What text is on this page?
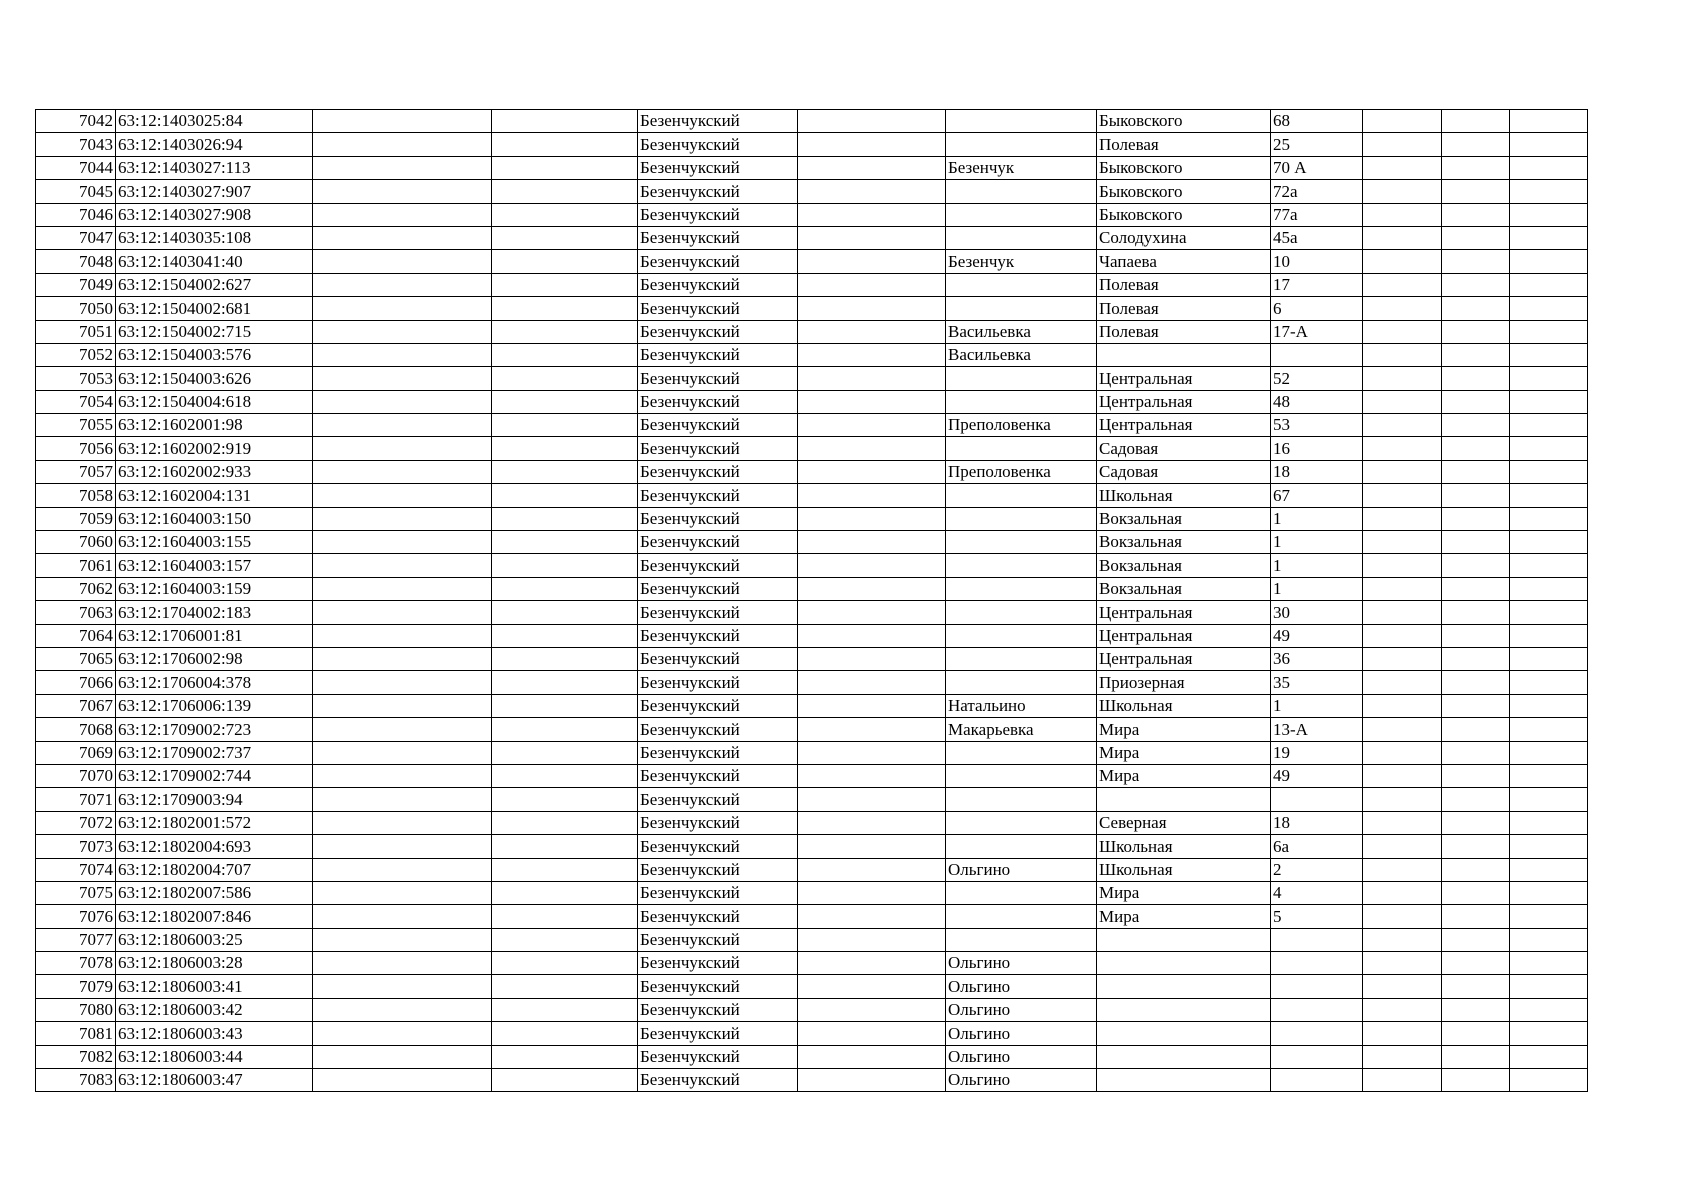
7042	63:12:1403025:84			Безенчукский			Быковского	68			
7043	63:12:1403026:94			Безенчукский			Полевая	25			
7044	63:12:1403027:113			Безенчукский		Безенчук	Быковского	70 А			
7045	63:12:1403027:907			Безенчукский			Быковского	72а			
7046	63:12:1403027:908			Безенчукский			Быковского	77а			
7047	63:12:1403035:108			Безенчукский			Солодухина	45а			
7048	63:12:1403041:40			Безенчукский		Безенчук	Чапаева	10			
7049	63:12:1504002:627			Безенчукский			Полевая	17			
7050	63:12:1504002:681			Безенчукский			Полевая	6			
7051	63:12:1504002:715			Безенчукский		Васильевка	Полевая	17-А			
7052	63:12:1504003:576			Безенчукский		Васильевка					
7053	63:12:1504003:626			Безенчукский			Центральная	52			
7054	63:12:1504004:618			Безенчукский			Центральная	48			
7055	63:12:1602001:98			Безенчукский		Преполовенка	Центральная	53			
7056	63:12:1602002:919			Безенчукский			Садовая	16			
7057	63:12:1602002:933			Безенчукский		Преполовенка	Садовая	18			
7058	63:12:1602004:131			Безенчукский			Школьная	67			
7059	63:12:1604003:150			Безенчукский			Вокзальная	1			
7060	63:12:1604003:155			Безенчукский			Вокзальная	1			
7061	63:12:1604003:157			Безенчукский			Вокзальная	1			
7062	63:12:1604003:159			Безенчукский			Вокзальная	1			
7063	63:12:1704002:183			Безенчукский			Центральная	30			
7064	63:12:1706001:81			Безенчукский			Центральная	49			
7065	63:12:1706002:98			Безенчукский			Центральная	36			
7066	63:12:1706004:378			Безенчукский			Приозерная	35			
7067	63:12:1706006:139			Безенчукский		Натальино	Школьная	1			
7068	63:12:1709002:723			Безенчукский		Макарьевка	Мира	13-А			
7069	63:12:1709002:737			Безенчукский			Мира	19			
7070	63:12:1709002:744			Безенчукский			Мира	49			
7071	63:12:1709003:94			Безенчукский							
7072	63:12:1802001:572			Безенчукский			Северная	18			
7073	63:12:1802004:693			Безенчукский			Школьная	6а			
7074	63:12:1802004:707			Безенчукский		Ольгино	Школьная	2			
7075	63:12:1802007:586			Безенчукский			Мира	4			
7076	63:12:1802007:846			Безенчукский			Мира	5			
7077	63:12:1806003:25			Безенчукский							
7078	63:12:1806003:28			Безенчукский		Ольгино					
7079	63:12:1806003:41			Безенчукский		Ольгино					
7080	63:12:1806003:42			Безенчукский		Ольгино					
7081	63:12:1806003:43			Безенчукский		Ольгино					
7082	63:12:1806003:44			Безенчукский		Ольгино					
7083	63:12:1806003:47			Безенчукский		Ольгино					
